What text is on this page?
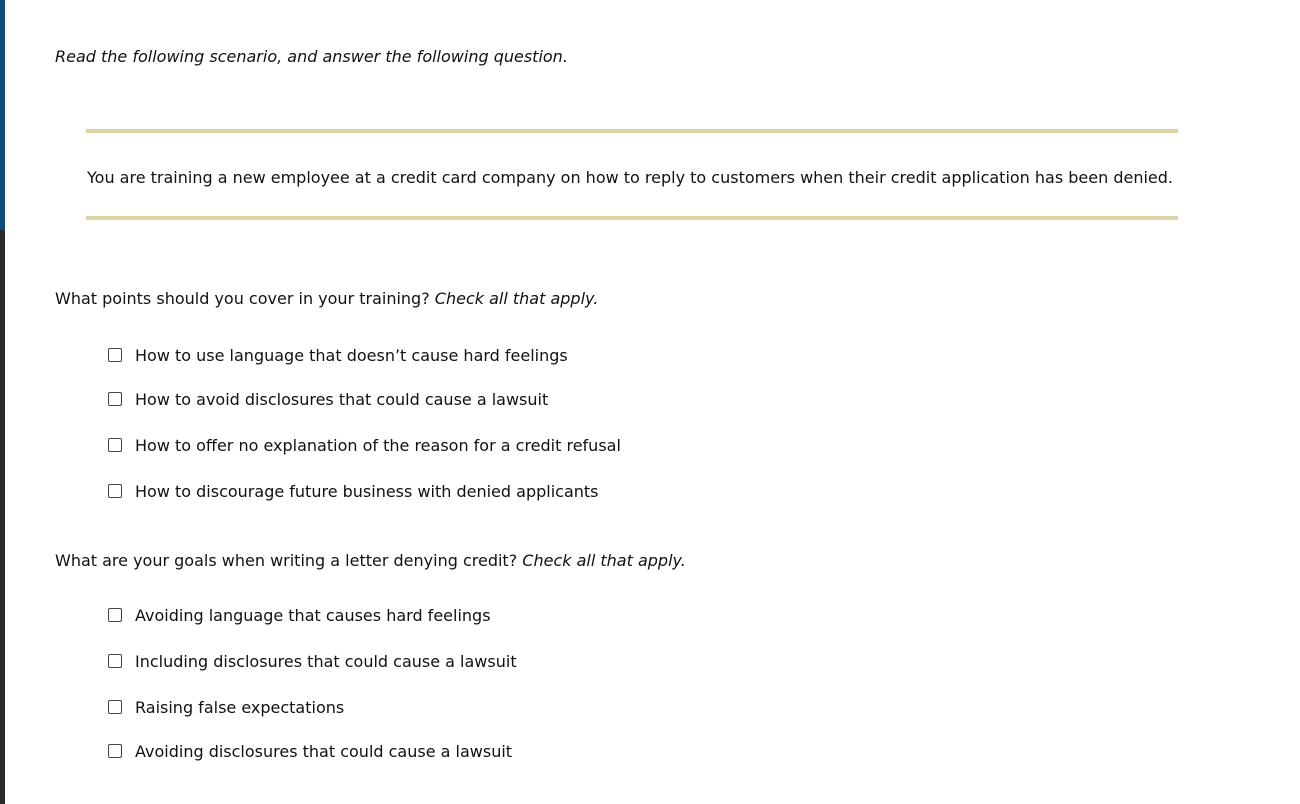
Read the following scenario, and answer the following question.
You are training a new employee at a credit card company on how to reply to customers when their credit application has been denied.
What points should you cover in your training? Check all that apply.
How to use language that doesn’t cause hard feelings
How to avoid disclosures that could cause a lawsuit
How to offer no explanation of the reason for a credit refusal
How to discourage future business with denied applicants
What are your goals when writing a letter denying credit? Check all that apply.
Avoiding language that causes hard feelings
Including disclosures that could cause a lawsuit
Raising false expectations
Avoiding disclosures that could cause a lawsuit
